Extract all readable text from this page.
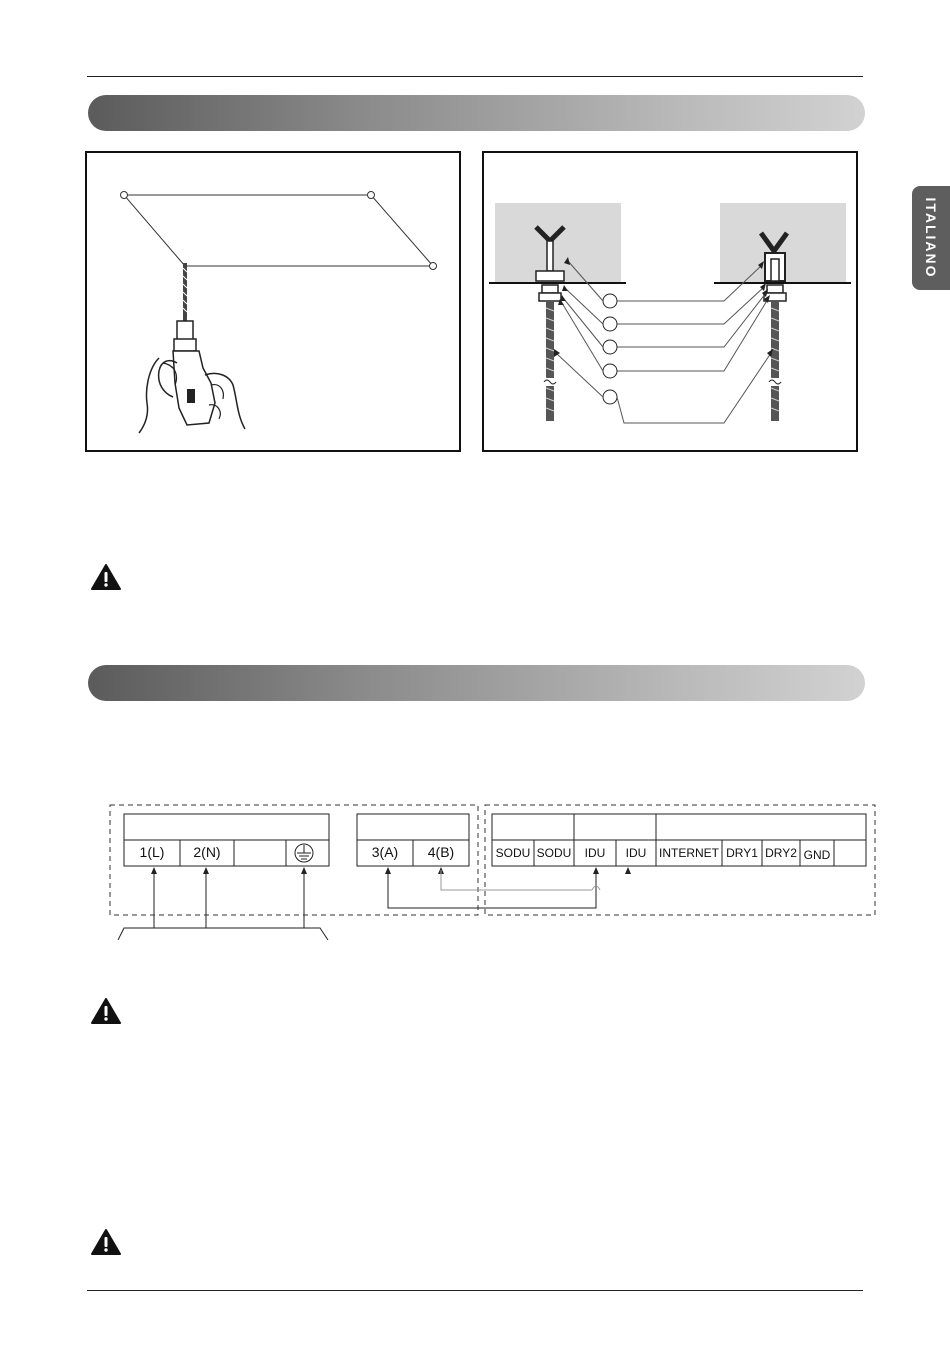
ITALIANO
1(L)	2(N)	3(A)	4(B)	SODU SODU	IDU	IDU	INTERNET DRY1 DRY2 GND
